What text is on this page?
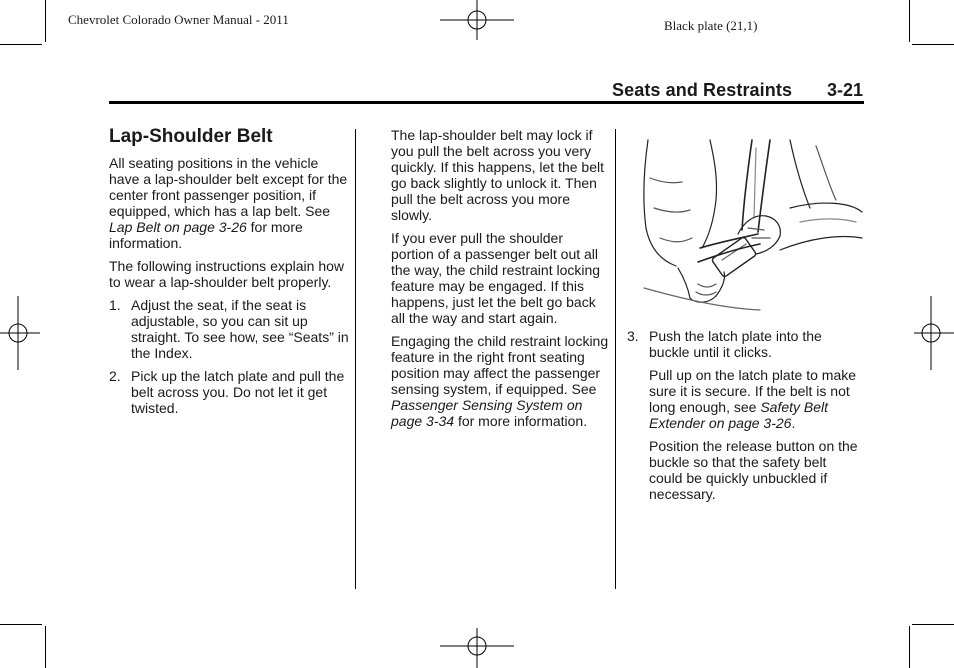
Chevrolet Colorado Owner Manual - 2011	Black plate (21,1)
Seats and Restraints 3-21
Lap-Shoulder Belt

All seating positions in the vehicle have a lap-shoulder belt except for the center front passenger position, if equipped, which has a lap belt. See Lap Belt on page 3-26 for more information.

The following instructions explain how to wear a lap-shoulder belt properly.

1. Adjust the seat, if the seat is adjustable, so you can sit up straight. To see how, see “Seats” in the Index.
2. Pick up the latch plate and pull the belt across you. Do not let it get twisted.

The lap-shoulder belt may lock if you pull the belt across you very quickly. If this happens, let the belt go back slightly to unlock it. Then pull the belt across you more slowly.

If you ever pull the shoulder portion of a passenger belt out all the way, the child restraint locking feature may be engaged. If this happens, just let the belt go back all the way and start again.

Engaging the child restraint locking feature in the right front seating position may affect the passenger sensing system, if equipped. See Passenger Sensing System on page 3-34 for more information.

3. Push the latch plate into the buckle until it clicks.

Pull up on the latch plate to make sure it is secure. If the belt is not long enough, see Safety Belt Extender on page 3-26.

Position the release button on the buckle so that the safety belt could be quickly unbuckled if necessary.
